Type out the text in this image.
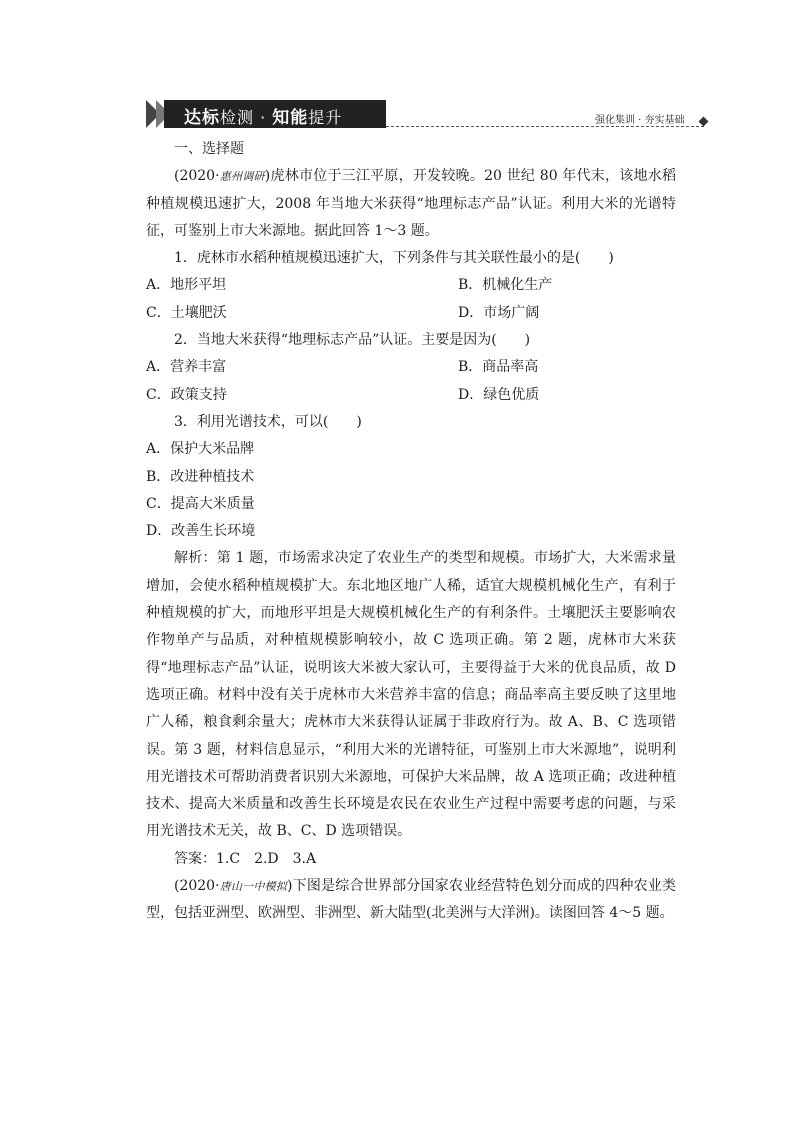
达标检测 · 知能提升	强化集训 · 夯实基础

一、选择题

(2020·惠州调研)虎林市位于三江平原，开发较晚。20 世纪 80 年代末，该地水稻种植规模迅速扩大，2008 年当地大米获得“地理标志产品”认证。利用大米的光谱特征，可鉴别上市大米源地。据此回答 1～3 题。

1．虎林市水稻种植规模迅速扩大，下列条件与其关联性最小的是(　　)

A．地形平坦	B．机械化生产
C．土壤肥沃	D．市场广阔

2．当地大米获得“地理标志产品”认证。主要是因为(　　)

A．营养丰富	B．商品率高
C．政策支持	D．绿色优质

3．利用光谱技术，可以(　　)

A．保护大米品牌

B．改进种植技术

C．提高大米质量

D．改善生长环境

解析：第 1 题，市场需求决定了农业生产的类型和规模。市场扩大，大米需求量增加，会使水稻种植规模扩大。东北地区地广人稀，适宜大规模机械化生产，有利于种植规模的扩大，而地形平坦是大规模机械化生产的有利条件。土壤肥沃主要影响农作物单产与品质，对种植规模影响较小，故 C 选项正确。第 2 题，虎林市大米获得“地理标志产品”认证，说明该大米被大家认可，主要得益于大米的优良品质，故 D 选项正确。材料中没有关于虎林市大米营养丰富的信息；商品率高主要反映了这里地广人稀，粮食剩余量大；虎林市大米获得认证属于非政府行为。故 A、B、C 选项错误。第 3 题，材料信息显示，“利用大米的光谱特征，可鉴别上市大米源地”，说明利用光谱技术可帮助消费者识别大米源地，可保护大米品牌，故 A 选项正确；改进种植技术、提高大米质量和改善生长环境是农民在农业生产过程中需要考虑的问题，与采用光谱技术无关，故 B、C、D 选项错误。

答案：1.C　2.D　3.A

(2020·唐山一中模拟)下图是综合世界部分国家农业经营特色划分而成的四种农业类型，包括亚洲型、欧洲型、非洲型、新大陆型(北美洲与大洋洲)。读图回答 4～5 题。
